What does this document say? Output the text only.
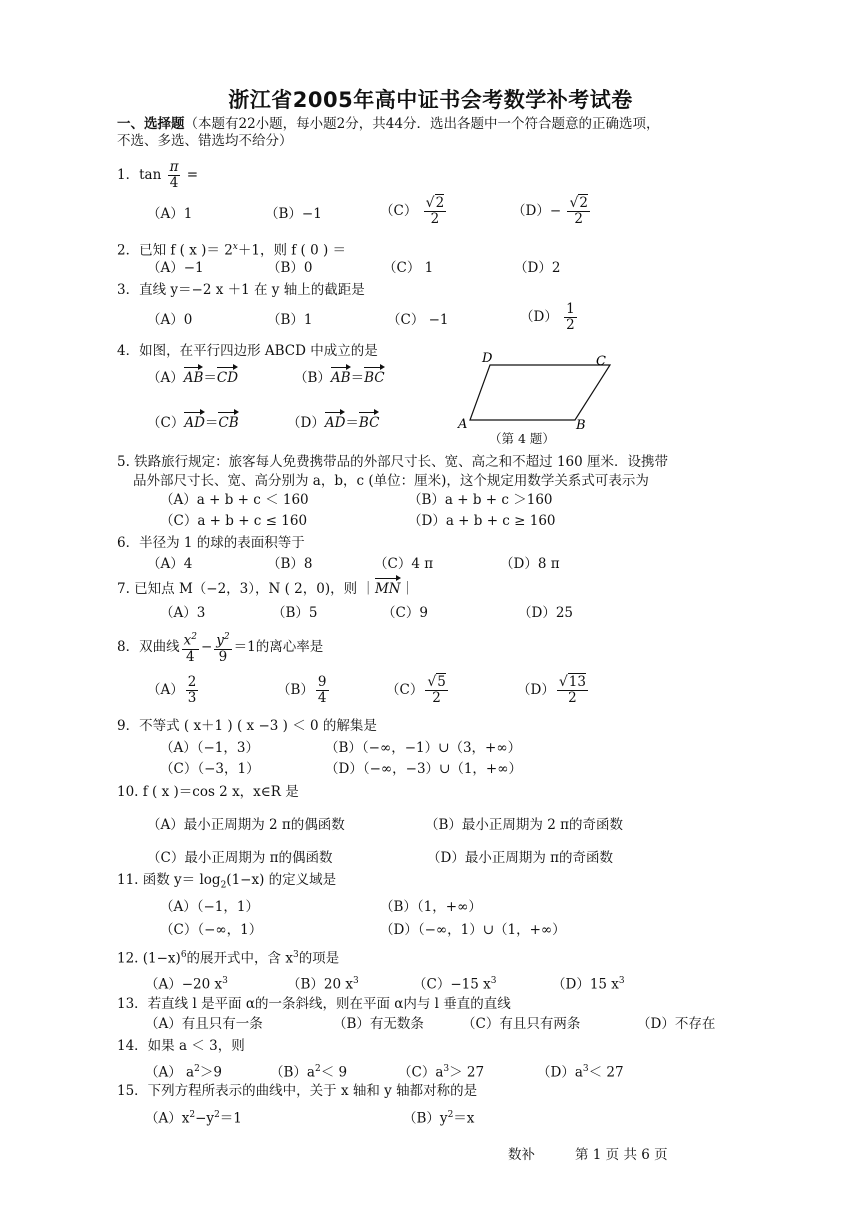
浙江省2005年高中证书会考数学补考试卷
一、选择题（本题有22小题，每小题2分，共44分．选出各题中一个符合题意的正确选项，
不选、多选、错选均不给分）
1．$\tan \frac{\pi}{4}$ =
（A）1	（B）−1	$(C) \frac{√2}{2}$	$(D)- \frac{√2}{2}$
2．已知 f ( x )＝ $2^x+1$，则 f ( 0 ) ＝
（A）−1	（B）0	（C） 1	（D）2
3．直线 y＝−2 x ＋1 在 y 轴上的截距是
（A）0	（B）1	（C） −1	$(D) \frac{1}{2}$
4．如图，在平行四边形 ABCD 中成立的是
（A）AB＝CD	（B）AB＝BC
（C）AD＝CB	（D）AD＝BC	A	B
C
D
（第 4 题）
5. 铁路旅行规定：旅客每人免费携带品的外部尺寸长、宽、高之和不超过 160 厘米．设携带
品外部尺寸长、宽、高分别为 a，b，c (单位：厘米)，这个规定用数学关系式可表示为
（A）a + b + c ＜ 160	（B）a + b + c ＞160
（C）a + b + c ≤ 160	（D）a + b + c ≥ 160
6．半径为 1 的球的表面积等于
（A）4	（B）8	（C）4 π	（D）8 π
7. 已知点 M（−2，3），N ( 2，0)，则 ｜MN｜
（A）3	（B）5	（C）9	（D）25
8．双曲线 $\frac{x^2}{4} - \frac{y^2}{9} =1$的离心率是
$(A) \frac{2}{3}$	$(B) \frac{9}{4}$	$(C) \frac{√5}{2}$	$(D) \frac{√13}{2}$
9．不等式 ( x＋1 ) ( x −3 ) ＜ 0 的解集是
（A）（−1，3）	（B）（−∞，−1）∪（3，+∞）
（C）（−3，1）	（D）（−∞，−3）∪（1，+∞）
10. f ( x )＝cos 2 x，x∈R 是
（A）最小正周期为 2 π的偶函数	（B）最小正周期为 2 π的奇函数
（C）最小正周期为 π的偶函数	（D）最小正周期为 π的奇函数
11. 函数 $y= \log_2(1-x)$ 的定义域是
（A）（−1，1）	（B）（1，+∞）
（C）（−∞，1）	（D）（−∞，1）∪（1，+∞）
12. $(1-x)^6$的展开式中，含 $x^3$的项是
（A）−20 $x^3$	（B）20 $x^3$	（C）−15 $x^3$	（D）15 $x^3$
13．若直线 l 是平面 α的一条斜线，则在平面 α内与 l 垂直的直线
（A）有且只有一条	（B）有无数条	（C）有且只有两条	（D）不存在
14．如果 a ＜ 3，则
（A） $a^2>9$	$(B)a^2< 9$	$(C)a^3> 27$	$(D)a^3< 27$
15．下列方程所表示的曲线中，关于 x 轴和 y 轴都对称的是
$(A)x^2-y^2=1$	$(B)y^2=x$
数补	第 1 页 共 6 页
